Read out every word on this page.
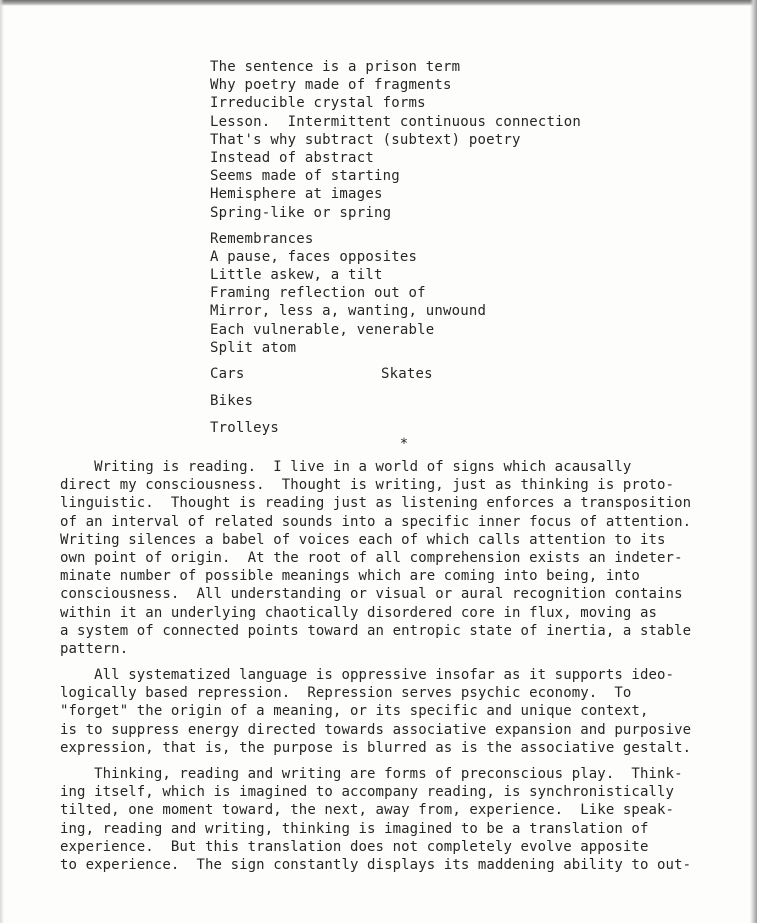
The sentence is a prison term
Why poetry made of fragments
Irreducible crystal forms
Lesson.  Intermittent continuous connection
That's why subtract (subtext) poetry
Instead of abstract
Seems made of starting
Hemisphere at images
Spring-like or spring
Remembrances
A pause, faces opposites
Little askew, a tilt
Framing reflection out of
Mirror, less a, wanting, unwound
Each vulnerable, venerable
Split atom
Cars	Skates
Bikes
Trolleys
*
Writing is reading.  I live in a world of signs which acausally
direct my consciousness.  Thought is writing, just as thinking is proto-
linguistic.  Thought is reading just as listening enforces a transposition
of an interval of related sounds into a specific inner focus of attention.
Writing silences a babel of voices each of which calls attention to its
own point of origin.  At the root of all comprehension exists an indeter-
minate number of possible meanings which are coming into being, into
consciousness.  All understanding or visual or aural recognition contains
within it an underlying chaotically disordered core in flux, moving as
a system of connected points toward an entropic state of inertia, a stable
pattern.
All systematized language is oppressive insofar as it supports ideo-
logically based repression.  Repression serves psychic economy.  To
"forget" the origin of a meaning, or its specific and unique context,
is to suppress energy directed towards associative expansion and purposive
expression, that is, the purpose is blurred as is the associative gestalt.
Thinking, reading and writing are forms of preconscious play.  Think-
ing itself, which is imagined to accompany reading, is synchronistically
tilted, one moment toward, the next, away from, experience.  Like speak-
ing, reading and writing, thinking is imagined to be a translation of
experience.  But this translation does not completely evolve apposite
to experience.  The sign constantly displays its maddening ability to out-
